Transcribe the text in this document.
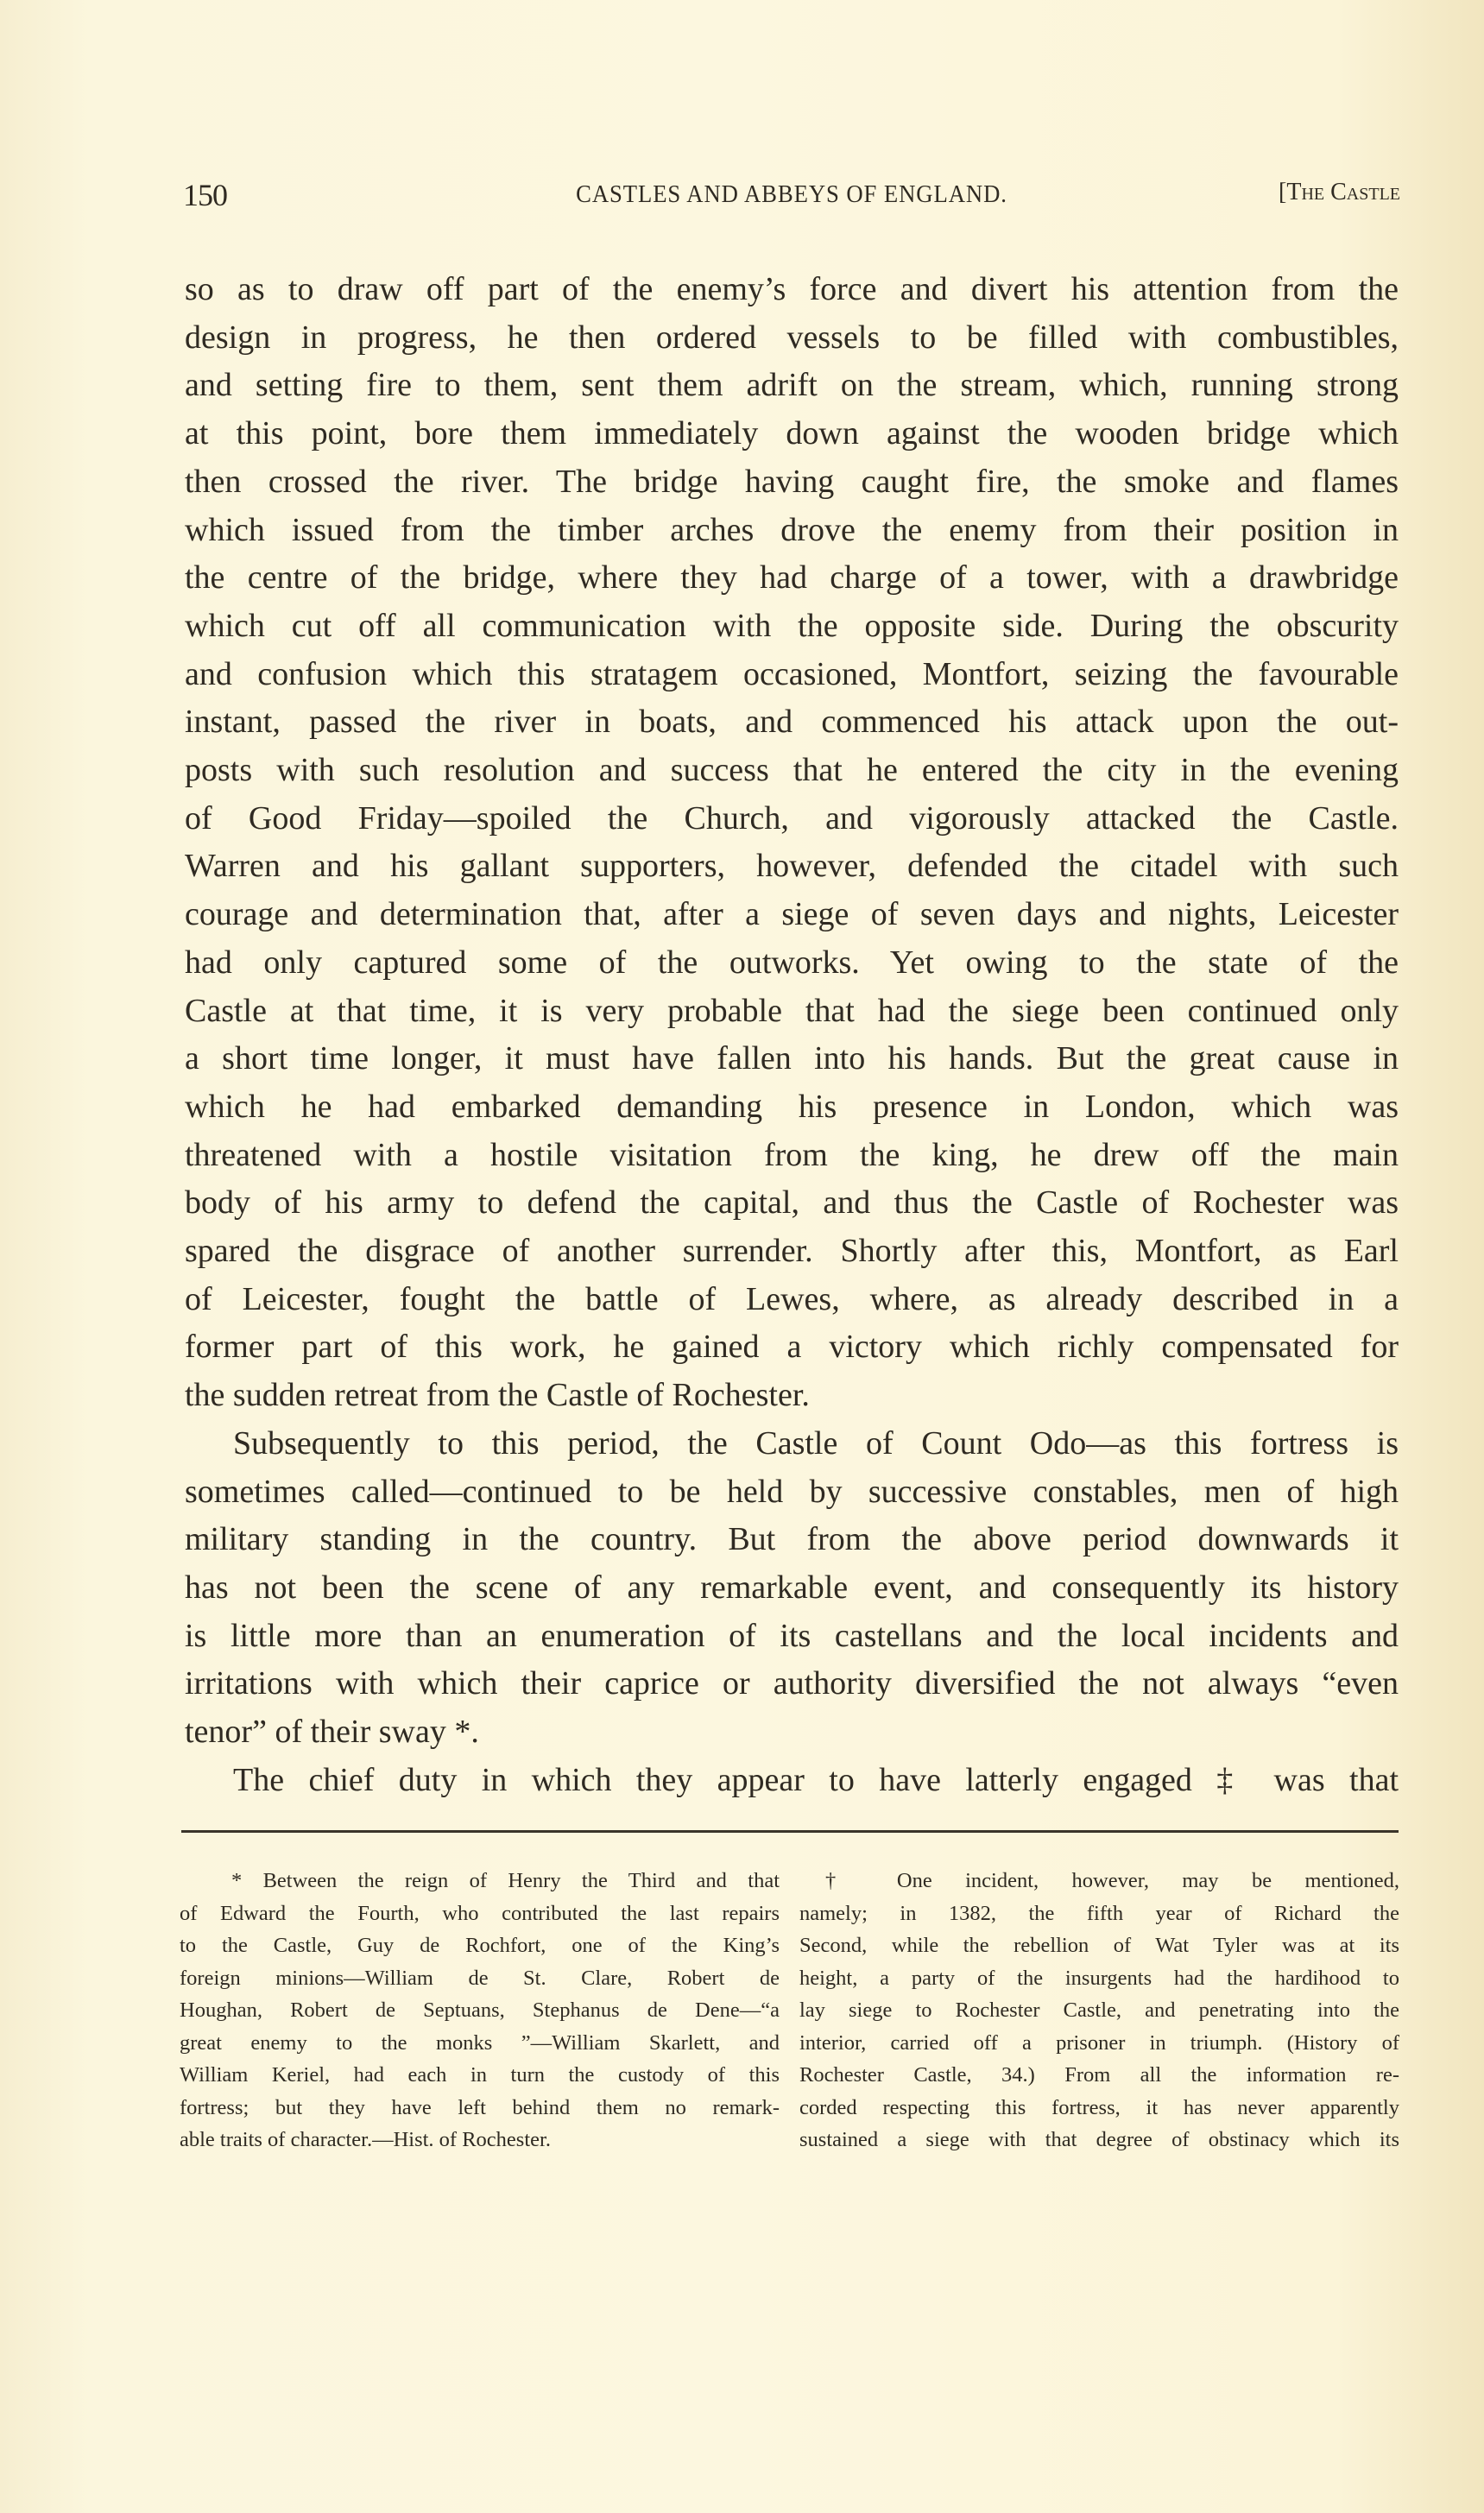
150	CASTLES AND ABBEYS OF ENGLAND.	[The Castle
so as to draw off part of the enemy’s force and divert his attention from the
design in progress, he then ordered vessels to be filled with combustibles,
and setting fire to them, sent them adrift on the stream, which, running strong
at this point, bore them immediately down against the wooden bridge which
then crossed the river. The bridge having caught fire, the smoke and flames
which issued from the timber arches drove the enemy from their position in
the centre of the bridge, where they had charge of a tower, with a drawbridge
which cut off all communication with the opposite side. During the obscurity
and confusion which this stratagem occasioned, Montfort, seizing the favourable
instant, passed the river in boats, and commenced his attack upon the out-
posts with such resolution and success that he entered the city in the evening
of Good Friday—spoiled the Church, and vigorously attacked the Castle.
Warren and his gallant supporters, however, defended the citadel with such
courage and determination that, after a siege of seven days and nights, Leicester
had only captured some of the outworks. Yet owing to the state of the
Castle at that time, it is very probable that had the siege been continued only
a short time longer, it must have fallen into his hands. But the great cause in
which he had embarked demanding his presence in London, which was
threatened with a hostile visitation from the king, he drew off the main
body of his army to defend the capital, and thus the Castle of Rochester was
spared the disgrace of another surrender. Shortly after this, Montfort, as Earl
of Leicester, fought the battle of Lewes, where, as already described in a
former part of this work, he gained a victory which richly compensated for
the sudden retreat from the Castle of Rochester.
Subsequently to this period, the Castle of Count Odo—as this fortress is
sometimes called—continued to be held by successive constables, men of high
military standing in the country. But from the above period downwards it
has not been the scene of any remarkable event, and consequently its history
is little more than an enumeration of its castellans and the local incidents and
irritations with which their caprice or authority diversified the not always “even
tenor” of their sway *.
The chief duty in which they appear to have latterly engaged ‡ was that
* Between the reign of Henry the Third and that
of Edward the Fourth, who contributed the last repairs
to the Castle, Guy de Rochfort, one of the King’s
foreign minions—William de St. Clare, Robert de
Houghan, Robert de Septuans, Stephanus de Dene—“a
great enemy to the monks ”—William Skarlett, and
William Keriel, had each in turn the custody of this
fortress; but they have left behind them no remark-
able traits of character.—Hist. of Rochester.
† One incident, however, may be mentioned,
namely; in 1382, the fifth year of Richard the
Second, while the rebellion of Wat Tyler was at its
height, a party of the insurgents had the hardihood to
lay siege to Rochester Castle, and penetrating into the
interior, carried off a prisoner in triumph. (History of
Rochester Castle, 34.) From all the information re-
corded respecting this fortress, it has never apparently
sustained a siege with that degree of obstinacy which its
